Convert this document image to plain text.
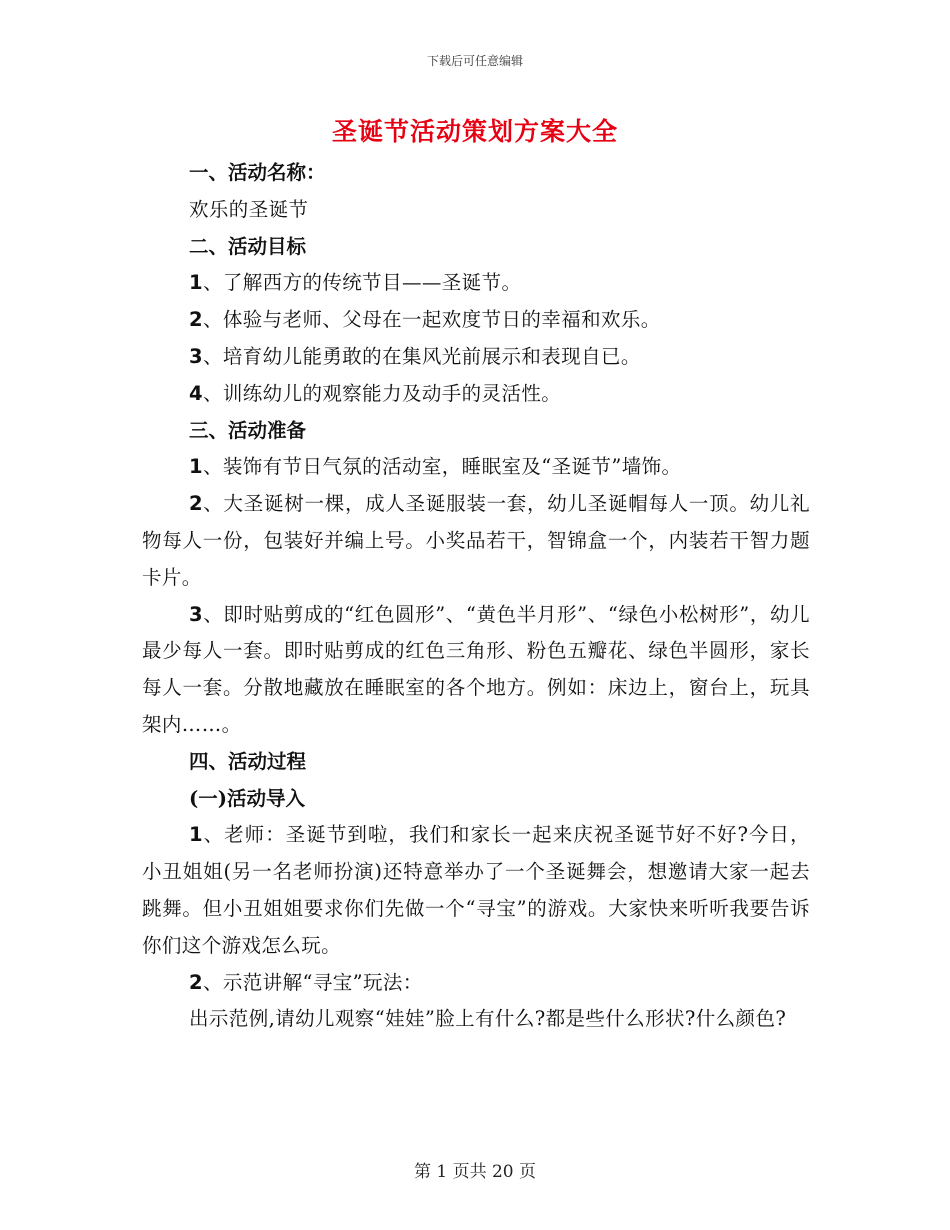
下载后可任意编辑
圣诞节活动策划方案大全

一、活动名称：

欢乐的圣诞节

二、活动目标

1、了解西方的传统节目——圣诞节。

2、体验与老师、父母在一起欢度节日的幸福和欢乐。

3、培育幼儿能勇敢的在集风光前展示和表现自已。

4、训练幼儿的观察能力及动手的灵活性。

三、活动准备

1、装饰有节日气氛的活动室，睡眠室及“圣诞节”墙饰。

2、大圣诞树一棵，成人圣诞服装一套，幼儿圣诞帽每人一顶。幼儿礼物每人一份，包装好并编上号。小奖品若干，智锦盒一个，内装若干智力题卡片。

3、即时贴剪成的“红色圆形”、“黄色半月形”、“绿色小松树形”，幼儿最少每人一套。即时贴剪成的红色三角形、粉色五瓣花、绿色半圆形，家长每人一套。分散地藏放在睡眠室的各个地方。例如：床边上，窗台上，玩具架内……。

四、活动过程

(一)活动导入

1、老师：圣诞节到啦，我们和家长一起来庆祝圣诞节好不好?今日，小丑姐姐(另一名老师扮演)还特意举办了一个圣诞舞会，想邀请大家一起去跳舞。但小丑姐姐要求你们先做一个“寻宝”的游戏。大家快来听听我要告诉你们这个游戏怎么玩。

2、示范讲解“寻宝”玩法：

出示范例,请幼儿观察“娃娃”脸上有什么?都是些什么形状?什么颜色?

第 1 页共 20 页
